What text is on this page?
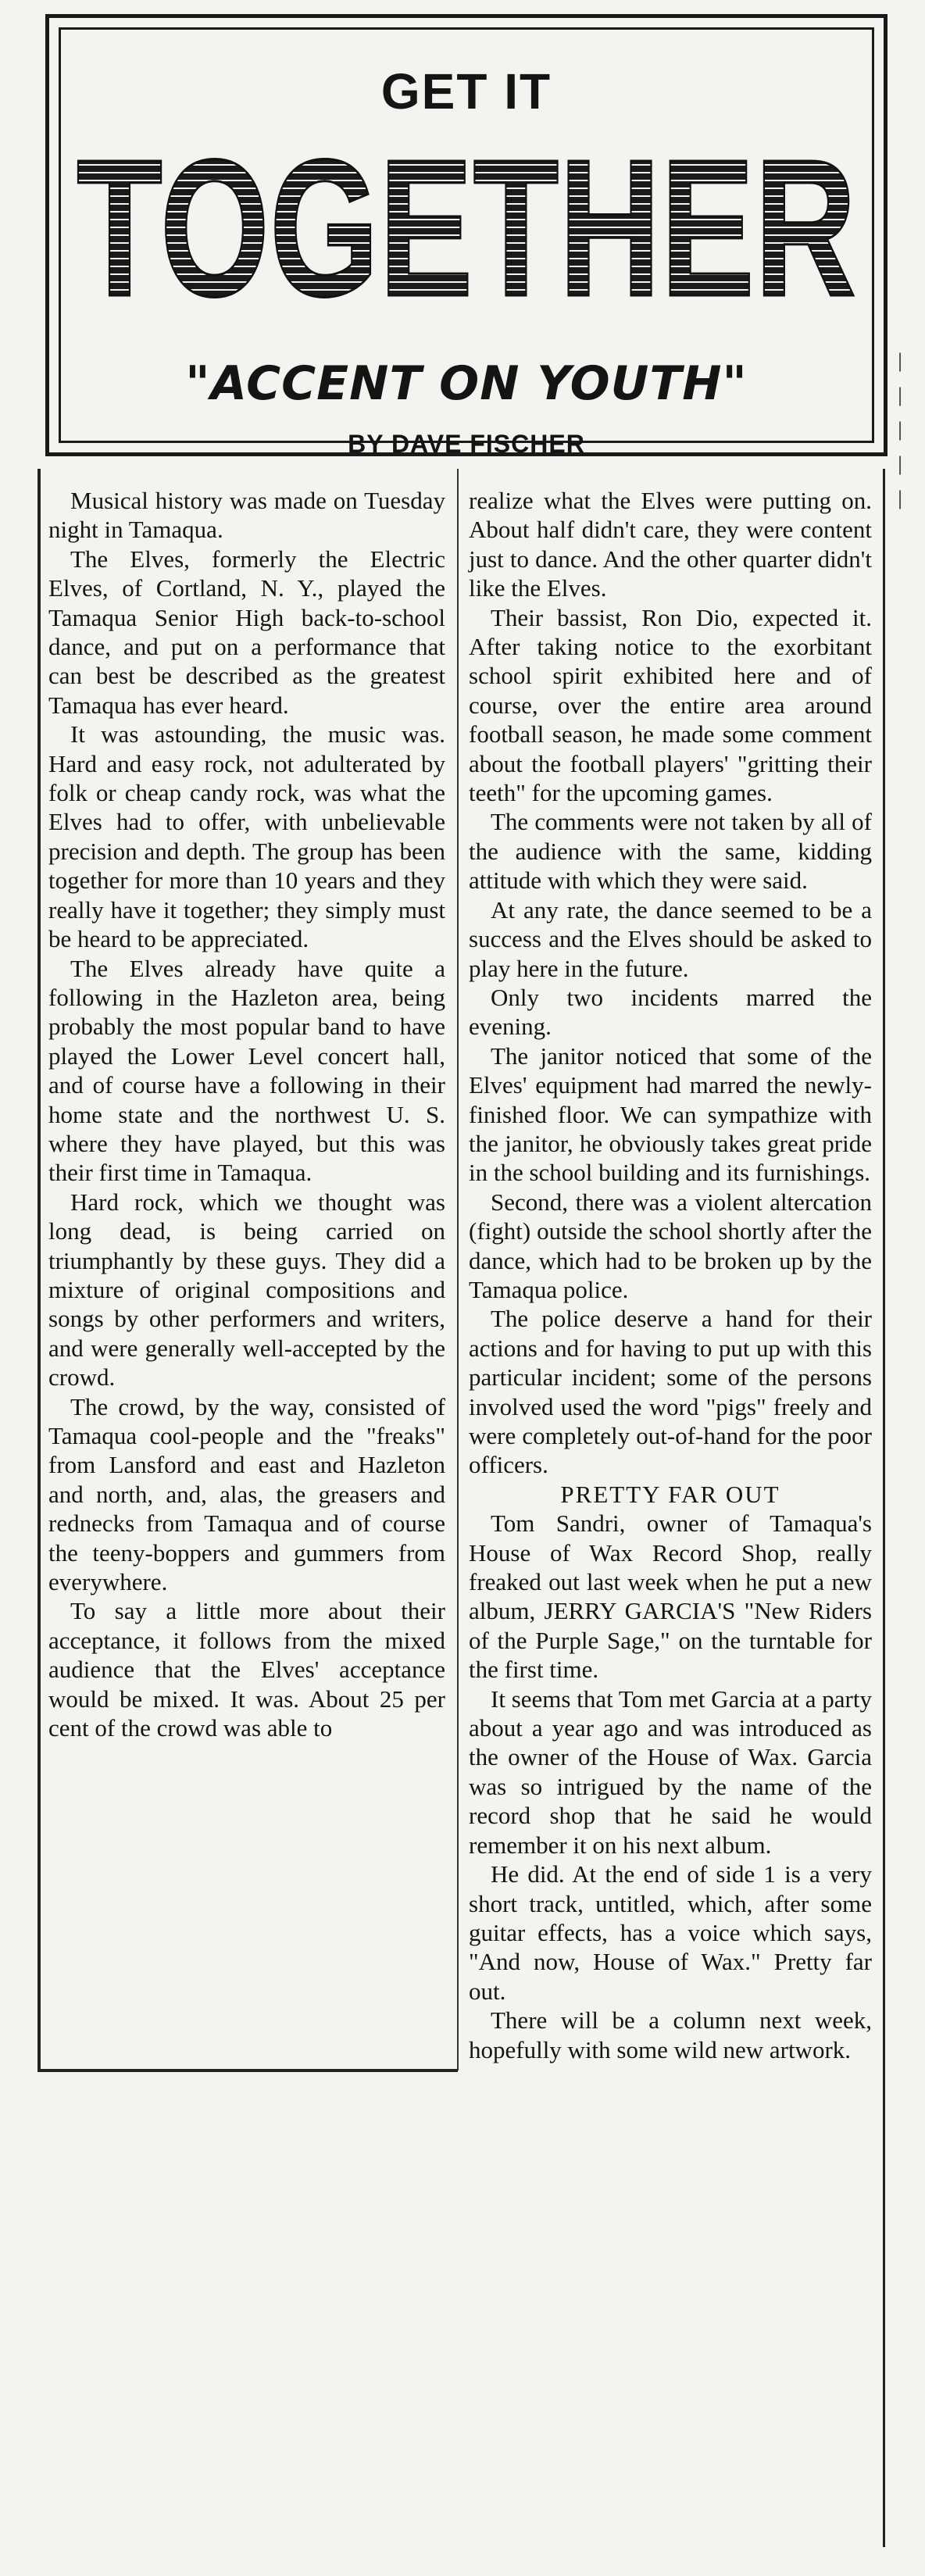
GET IT
TOGETHER
"ACCENT ON YOUTH"
BY DAVE FISCHER

Musical history was made on Tuesday night in Tamaqua.

The Elves, formerly the Electric Elves, of Cortland, N. Y., played the Tamaqua Senior High back-to-school dance, and put on a performance that can best be described as the greatest Tamaqua has ever heard.

It was astounding, the music was. Hard and easy rock, not adulterated by folk or cheap candy rock, was what the Elves had to offer, with unbelievable precision and depth. The group has been together for more than 10 years and they really have it together; they simply must be heard to be appreciated.

The Elves already have quite a following in the Hazleton area, being probably the most popular band to have played the Lower Level concert hall, and of course have a following in their home state and the northwest U. S. where they have played, but this was their first time in Tamaqua.

Hard rock, which we thought was long dead, is being carried on triumphantly by these guys. They did a mixture of original compositions and songs by other performers and writers, and were generally well-accepted by the crowd.

The crowd, by the way, consisted of Tamaqua cool-people and the "freaks" from Lansford and east and Hazleton and north, and, alas, the greasers and rednecks from Tamaqua and of course the teeny-boppers and gummers from everywhere.

To say a little more about their acceptance, it follows from the mixed audience that the Elves' acceptance would be mixed. It was. About 25 per cent of the crowd was able to

realize what the Elves were putting on. About half didn't care, they were content just to dance. And the other quarter didn't like the Elves.

Their bassist, Ron Dio, expected it. After taking notice to the exorbitant school spirit exhibited here and of course, over the entire area around football season, he made some comment about the football players' "gritting their teeth" for the upcoming games.

The comments were not taken by all of the audience with the same, kidding attitude with which they were said.

At any rate, the dance seemed to be a success and the Elves should be asked to play here in the future.

Only two incidents marred the evening.

The janitor noticed that some of the Elves' equipment had marred the newly-finished floor. We can sympathize with the janitor, he obviously takes great pride in the school building and its furnishings.

Second, there was a violent altercation (fight) outside the school shortly after the dance, which had to be broken up by the Tamaqua police.

The police deserve a hand for their actions and for having to put up with this particular incident; some of the persons involved used the word "pigs" freely and were completely out-of-hand for the poor officers.

PRETTY FAR OUT

Tom Sandri, owner of Tamaqua's House of Wax Record Shop, really freaked out last week when he put a new album, JERRY GARCIA'S "New Riders of the Purple Sage," on the turntable for the first time.

It seems that Tom met Garcia at a party about a year ago and was introduced as the owner of the House of Wax. Garcia was so intrigued by the name of the record shop that he said he would remember it on his next album.

He did. At the end of side 1 is a very short track, untitled, which, after some guitar effects, has a voice which says, "And now, House of Wax." Pretty far out.

There will be a column next week, hopefully with some wild new artwork.

|
|
|
|
|
